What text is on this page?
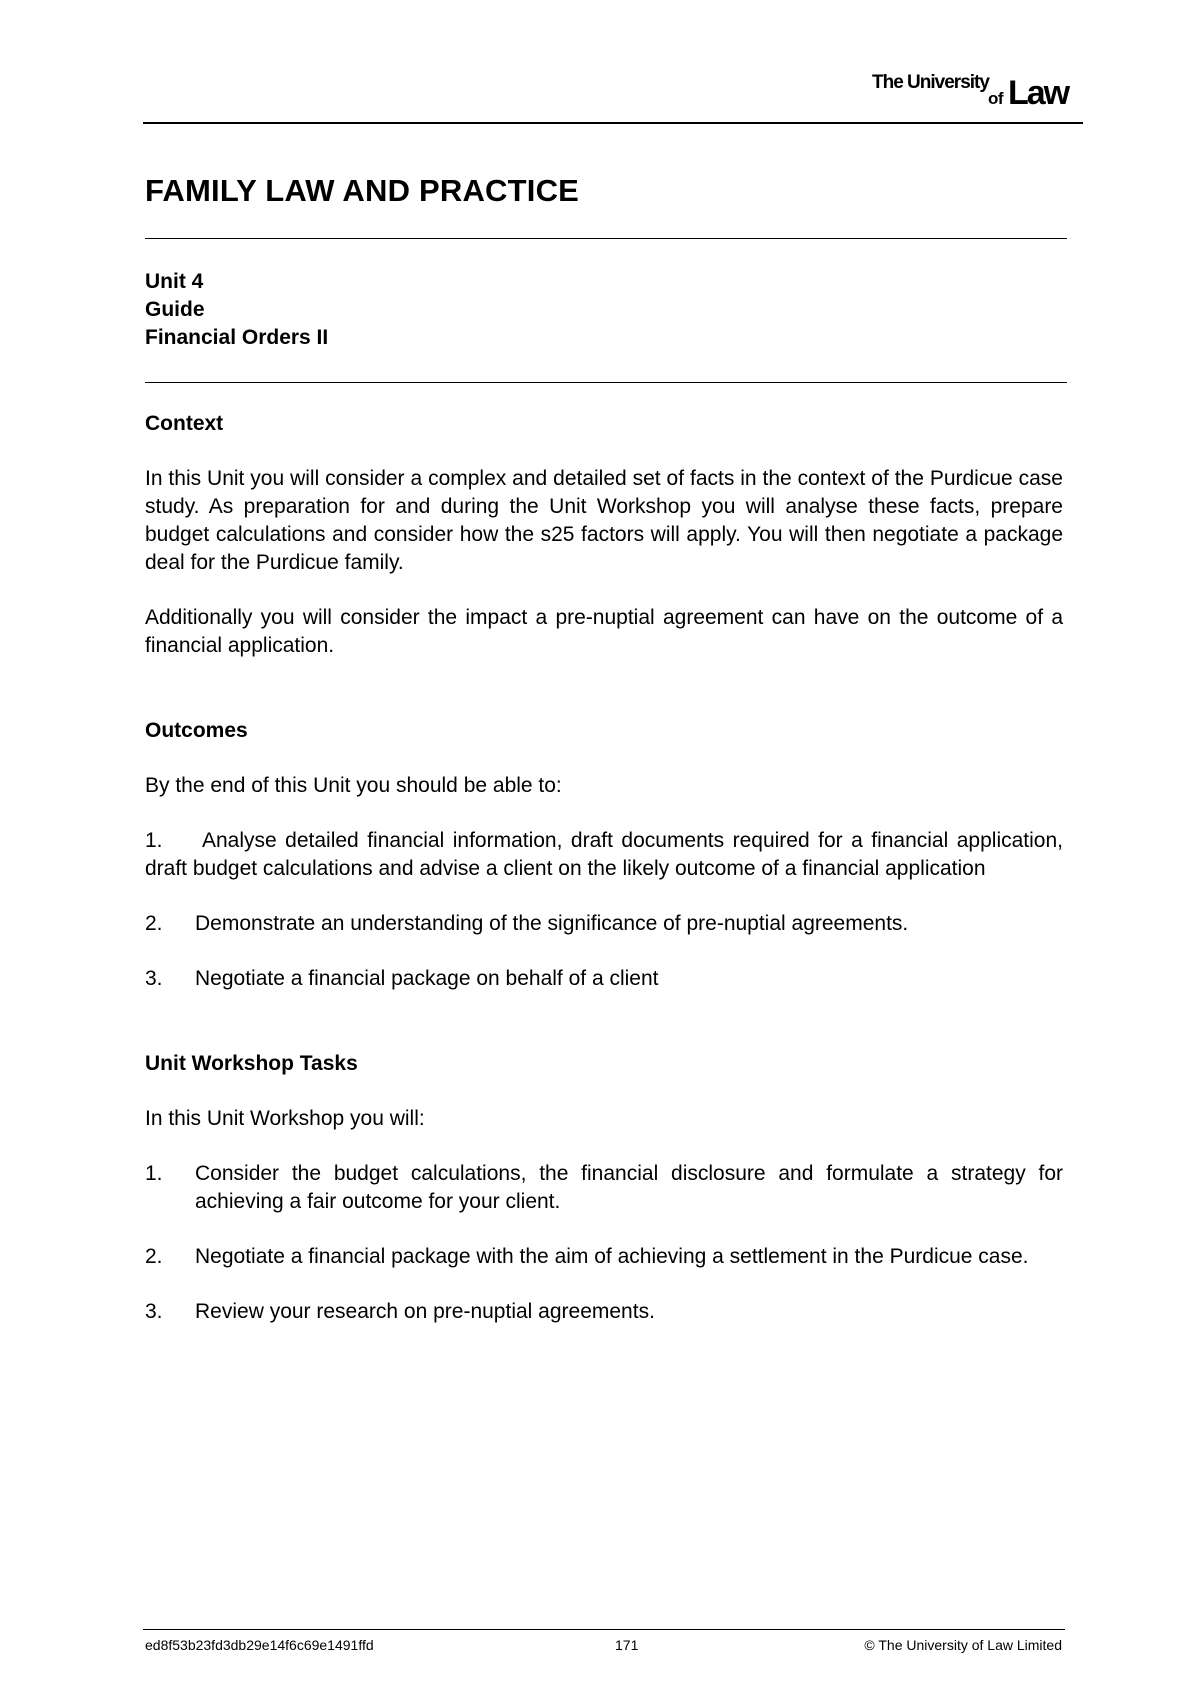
The University
of Law
FAMILY LAW AND PRACTICE
Unit 4
Guide
Financial Orders II
Context

In this Unit you will consider a complex and detailed set of facts in the context of the Purdicue case study. As preparation for and during the Unit Workshop you will analyse these facts, prepare budget calculations and consider how the s25 factors will apply. You will then negotiate a package deal for the Purdicue family.

Additionally you will consider the impact a pre-nuptial agreement can have on the outcome of a financial application.

Outcomes

By the end of this Unit you should be able to:

1. Analyse detailed financial information, draft documents required for a financial application, draft budget calculations and advise a client on the likely outcome of a financial application

2.	Demonstrate an understanding of the significance of pre-nuptial agreements.
3.	Negotiate a financial package on behalf of a client
Unit Workshop Tasks

In this Unit Workshop you will:

1.	Consider the budget calculations, the financial disclosure and formulate a strategy for achieving a fair outcome for your client.
2.	Negotiate a financial package with the aim of achieving a settlement in the Purdicue case.
3.	Review your research on pre-nuptial agreements.
ed8f53b23fd3db29e14f6c69e1491ffd	171	© The University of Law Limited
